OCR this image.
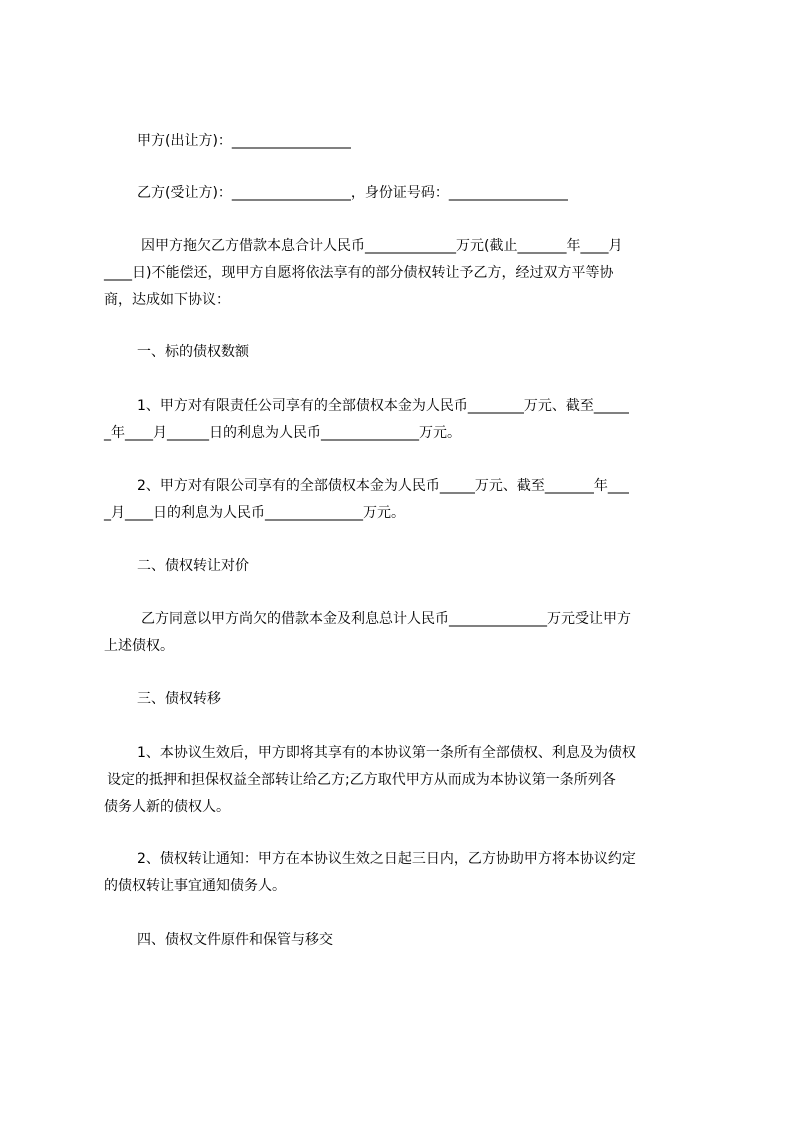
甲方(出让方)：_________________
乙方(受让方)：_________________，身份证号码：_________________
因甲方拖欠乙方借款本息合计人民币_____________万元(截止_______年____月
____日)不能偿还，现甲方自愿将依法享有的部分债权转让予乙方，经过双方平等协
商，达成如下协议：
一、标的债权数额
1、甲方对有限责任公司享有的全部债权本金为人民币________万元、截至_____
_年____月______日的利息为人民币______________万元。
2、甲方对有限公司享有的全部债权本金为人民币_____万元、截至_______年___
_月____日的利息为人民币______________万元。
二、债权转让对价
乙方同意以甲方尚欠的借款本金及利息总计人民币______________万元受让甲方
上述债权。
三、债权转移
1、本协议生效后，甲方即将其享有的本协议第一条所有全部债权、利息及为债权
设定的抵押和担保权益全部转让给乙方;乙方取代甲方从而成为本协议第一条所列各
债务人新的债权人。
2、债权转让通知：甲方在本协议生效之日起三日内，乙方协助甲方将本协议约定
的债权转让事宜通知债务人。
四、债权文件原件和保管与移交
